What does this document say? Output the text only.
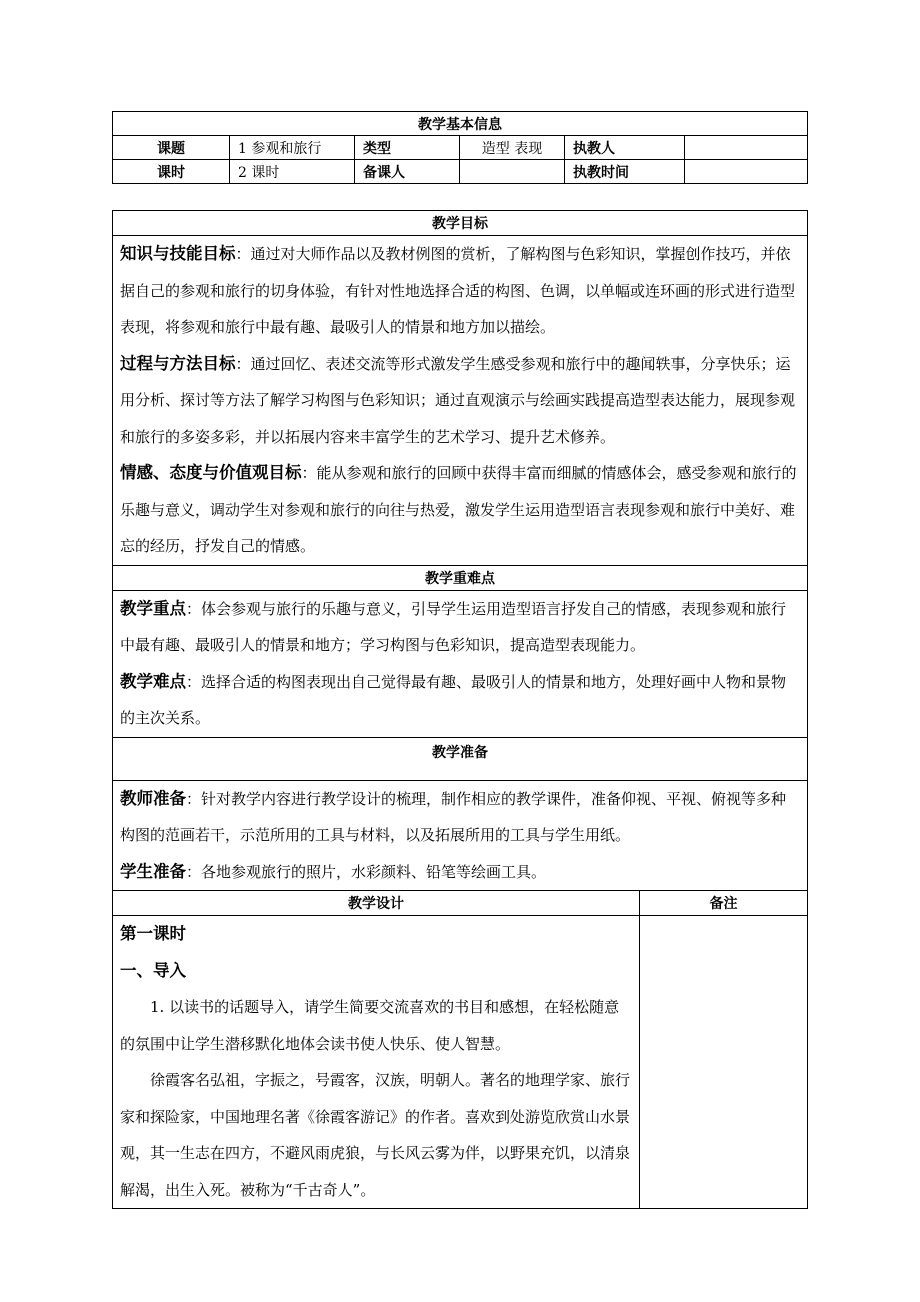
教学基本信息					
课题	1 参观和旅行	类型	造型 表现	执教人	
课时	2 课时	备课人		执教时间	
教学目标	

知识与技能目标：通过对大师作品以及教材例图的赏析，了解构图与色彩知识，掌握创作技巧，并依据自己的参观和旅行的切身体验，有针对性地选择合适的构图、色调，以单幅或连环画的形式进行造型表现，将参观和旅行中最有趣、最吸引人的情景和地方加以描绘。

过程与方法目标：通过回忆、表述交流等形式激发学生感受参观和旅行中的趣闻轶事，分享快乐；运用分析、探讨等方法了解学习构图与色彩知识；通过直观演示与绘画实践提高造型表达能力，展现参观和旅行的多姿多彩，并以拓展内容来丰富学生的艺术学习、提升艺术修养。

情感、态度与价值观目标：能从参观和旅行的回顾中获得丰富而细腻的情感体会，感受参观和旅行的乐趣与意义，调动学生对参观和旅行的向往与热爱，激发学生运用造型语言表现参观和旅行中美好、难忘的经历，抒发自己的情感。	

教学重难点	

教学重点：体会参观与旅行的乐趣与意义，引导学生运用造型语言抒发自己的情感，表现参观和旅行中最有趣、最吸引人的情景和地方；学习构图与色彩知识，提高造型表现能力。

教学难点：选择合适的构图表现出自己觉得最有趣、最吸引人的情景和地方，处理好画中人物和景物的主次关系。	

教学准备	

教师准备：针对教学内容进行教学设计的梳理，制作相应的教学课件，准备仰视、平视、俯视等多种构图的范画若干，示范所用的工具与材料，以及拓展所用的工具与学生用纸。

学生准备：各地参观旅行的照片，水彩颜料、铅笔等绘画工具。	

教学设计	备注

第一课时

一、导入

1. 以读书的话题导入，请学生简要交流喜欢的书目和感想，在轻松随意的氛围中让学生潜移默化地体会读书使人快乐、使人智慧。

徐霞客名弘祖，字振之，号霞客，汉族，明朝人。著名的地理学家、旅行家和探险家，中国地理名著《徐霞客游记》的作者。喜欢到处游览欣赏山水景观，其一生志在四方，不避风雨虎狼，与长风云雾为伴，以野果充饥，以清泉解渴，出生入死。被称为“千古奇人”。	
